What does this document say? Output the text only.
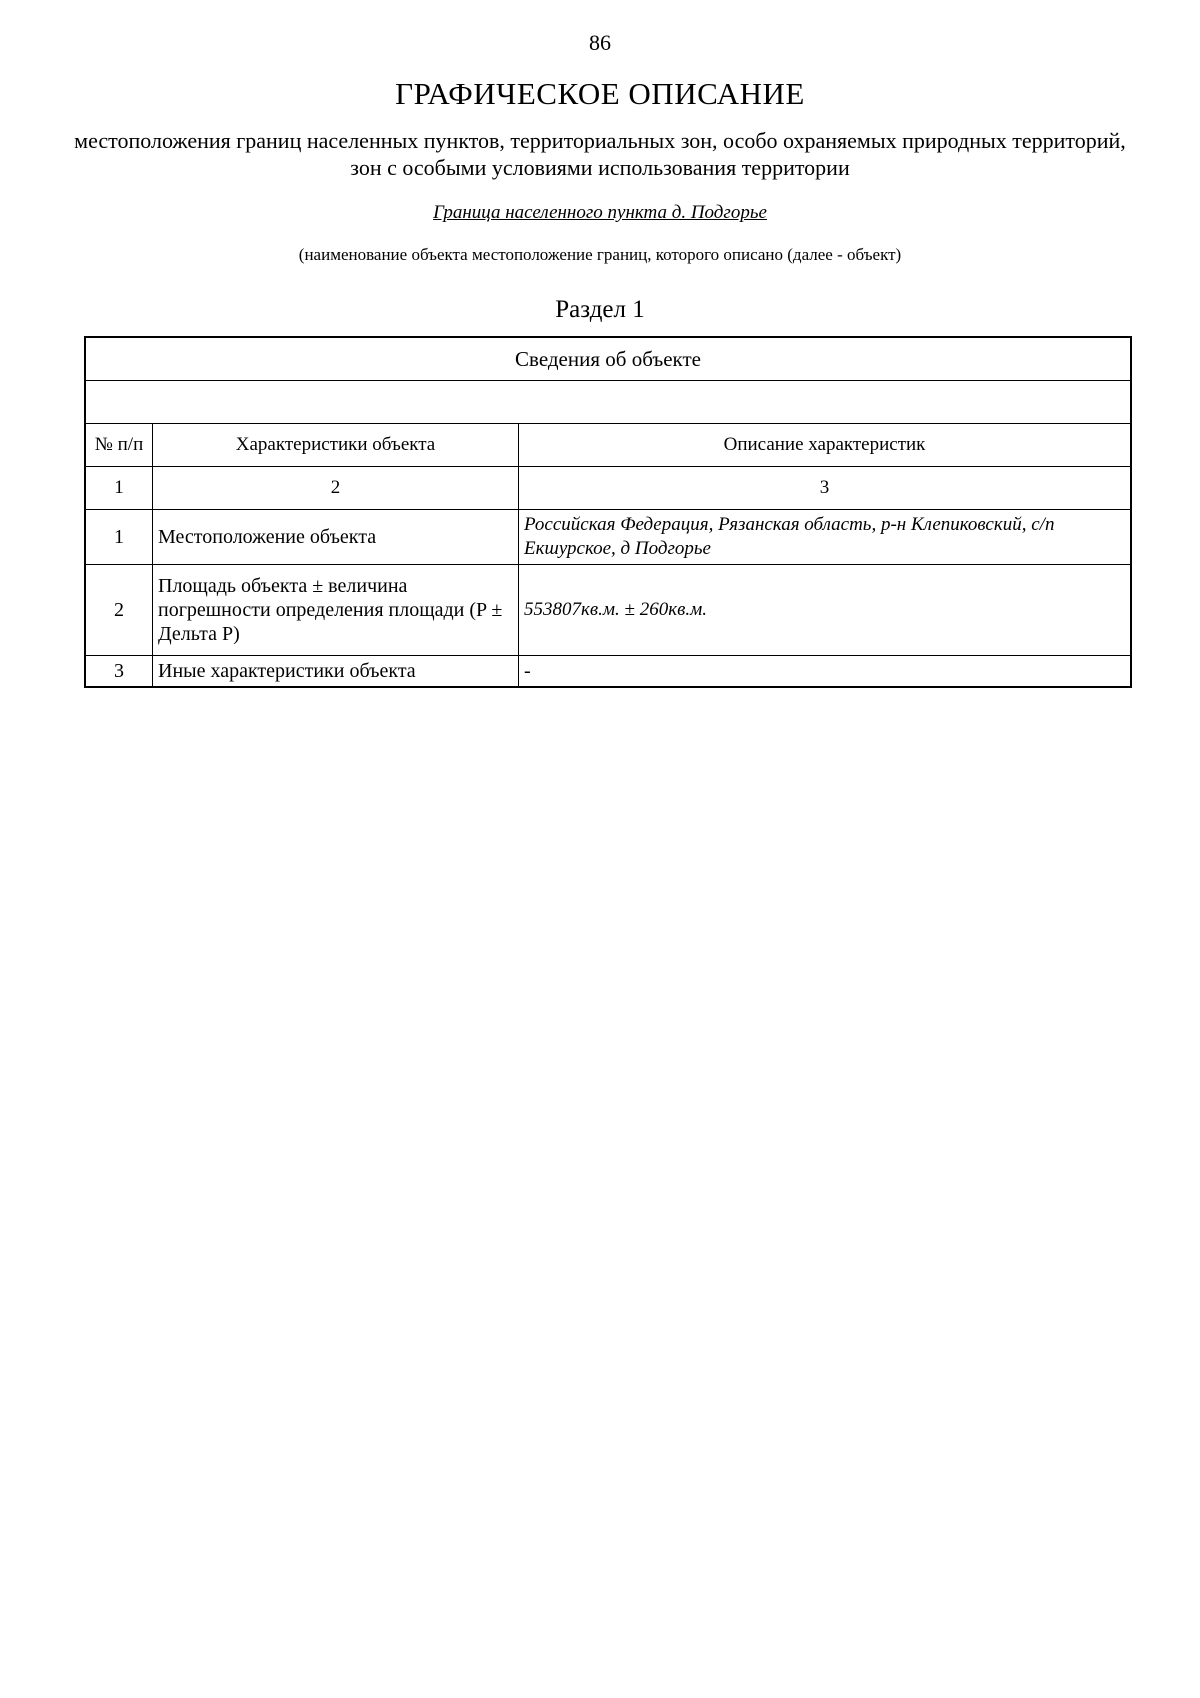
86
ГРАФИЧЕСКОЕ ОПИСАНИЕ
местоположения границ населенных пунктов, территориальных зон, особо охраняемых природных территорий, зон с особыми условиями использования территории
Граница населенного пункта д. Подгорье
(наименование объекта местоположение границ, которого описано (далее - объект)
Раздел 1
Сведения об объекте		

№ п/п	Характеристики объекта	Описание характеристик
1	2	3
1	Местоположение объекта	Российская Федерация, Рязанская область, р-н Клепиковский, с/п Екшурское, д Подгорье
2	Площадь объекта ± величина погрешности определения площади (P ± Дельта P)	553807кв.м. ± 260кв.м.
3	Иные характеристики объекта	-
